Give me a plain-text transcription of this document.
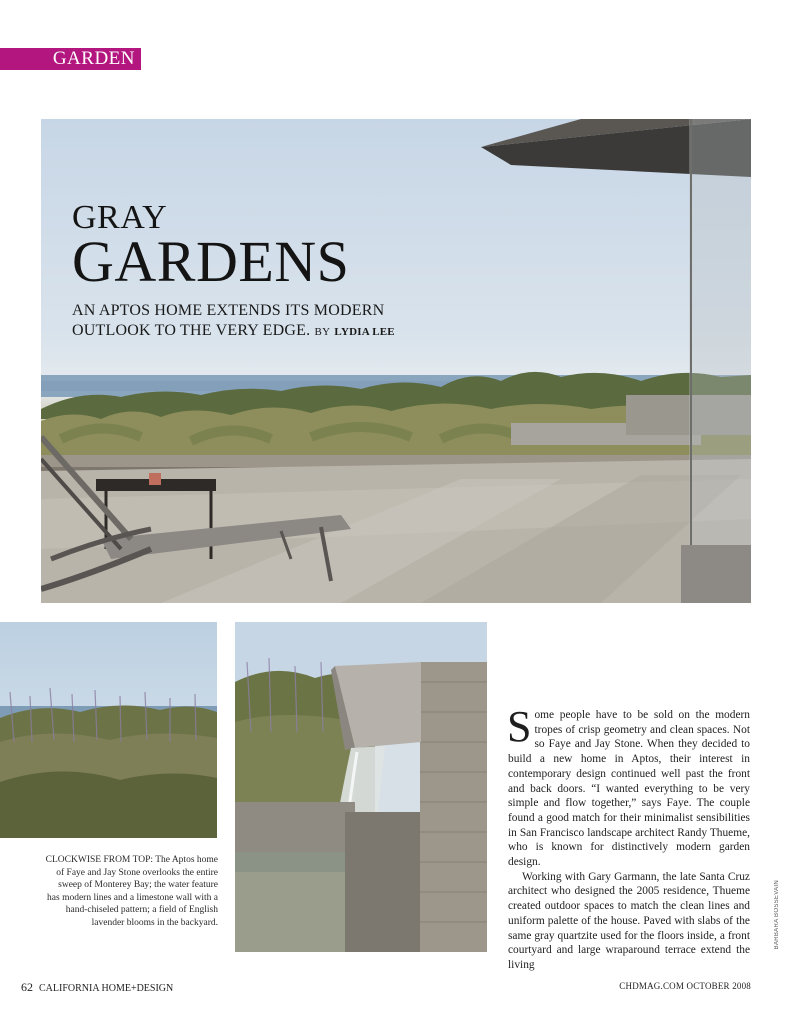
GARDEN
GRAY
GARDENS
AN APTOS HOME EXTENDS ITS MODERN OUTLOOK TO THE VERY EDGE. BY LYDIA LEE
CLOCKWISE FROM TOP: The Aptos home of Faye and Jay Stone overlooks the entire sweep of Monterey Bay; the water feature has modern lines and a limestone wall with a hand-chiseled pattern; a field of English lavender blooms in the backyard.

Some people have to be sold on the modern tropes of crisp geometry and clean spaces. Not so Faye and Jay Stone. When they decided to build a new home in Aptos, their interest in contemporary design continued well past the front and back doors. “I wanted everything to be very simple and flow together,” says Faye. The couple found a good match for their minimalist sensibilities in San Francisco landscape architect Randy Thueme, who is known for distinctively modern garden design.

Working with Gary Garmann, the late Santa Cruz architect who designed the 2005 residence, Thueme created outdoor spaces to match the clean lines and uniform palette of the house. Paved with slabs of the same gray quartzite used for the floors inside, a front courtyard and large wraparound terrace extend the living

BARBARA BOSSEVAIN
62 CALIFORNIA HOME+DESIGN	CHDMAG.COM OCTOBER 2008
